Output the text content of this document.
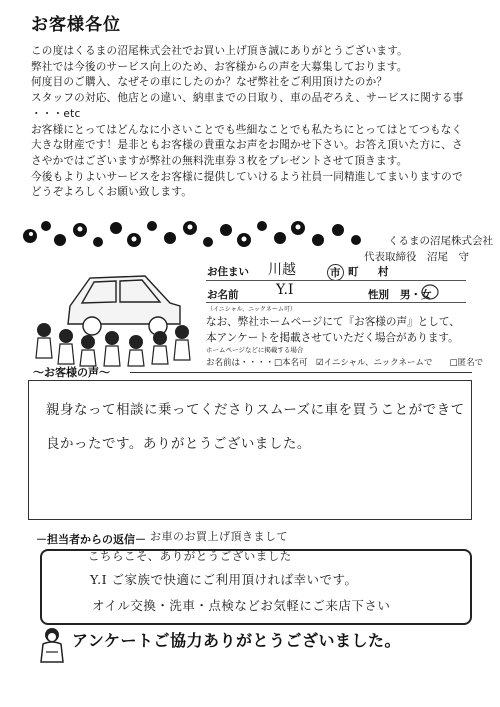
お客様各位

この度はくるまの沼尾株式会社でお買い上げ頂き誠にありがとうございます。

弊社では今後のサービス向上のため、お客様からの声を大募集しております。

何度目のご購入、なぜその車にしたのか？なぜ弊社をご利用頂けたのか？

スタッフの対応、他店との違い、納車までの日取り、車の品ぞろえ、サービスに関する事

・・・etc

お客様にとってはどんなに小さいことでも些細なことでも私たちにとってはとてつもなく

大きな財産です！是非ともお客様の貴重なお声をお聞かせ下さい。お答え頂いた方に、さ

さやかではございますが弊社の無料洗車券３枚をプレゼントさせて頂きます。

今後もよりよいサービスをお客様に提供していけるよう社員一同精進してまいりますので

どうぞよろしくお願い致します。

くるまの沼尾株式会社
代表取締役　沼尾　守
お住まい 川越	市 町 村
お名前	Y.I	性別 男・女
（イニシャル、ニックネーム可）
なお、弊社ホームページにて『お客様の声』として、
本アンケートを掲載させていただく場合があります。
ホームページなどに掲載する場合
お名前は・・・・□本名可　☑イニシャル、ニックネームで　　□匿名で
～お客様の声～
親身なって相談に乗ってくださりスムーズに車を買うことができて
良かったです。ありがとうございました。
－担当者からの返信－ お車のお買上げ頂きまして
こちらこそ、ありがとうございました
Y.I ご家族で快適にご利用頂ければ幸いです。
オイル交換・洗車・点検などお気軽にご来店下さい
アンケートご協力ありがとうございました。
